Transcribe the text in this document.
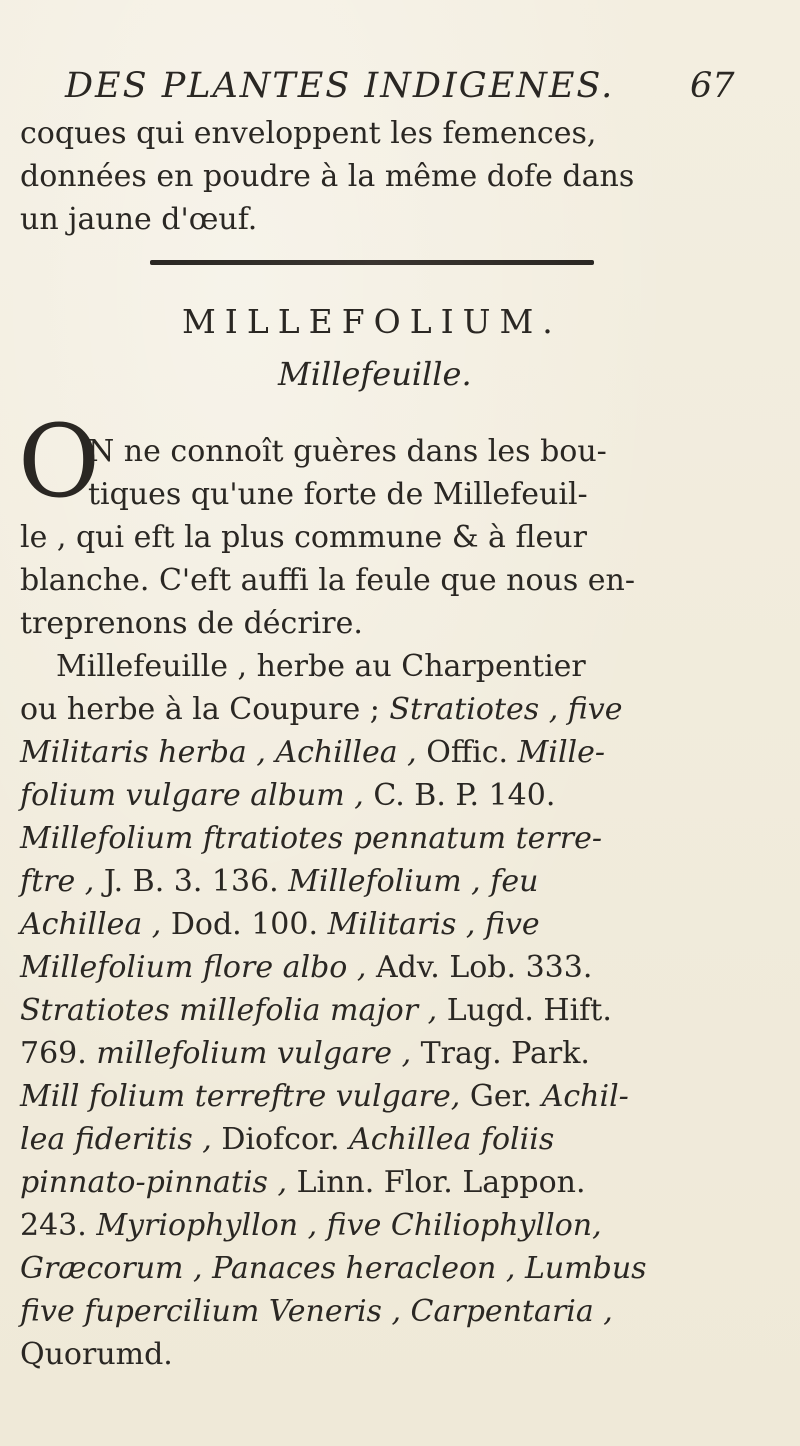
DES PLANTES INDIGENES. 67
coques qui enveloppent les femences,
données en poudre à la même dofe dans
un jaune d'œuf.
MILLEFOLIUM.
Millefeuille.
O
N ne connoît guères dans les bou-
tiques qu'une forte de Millefeuil-
le , qui eft la plus commune & à fleur
blanche. C'eft auffi la feule que nous en-
treprenons de décrire.
Millefeuille , herbe au Charpentier
ou herbe à la Coupure ; Stratiotes , five
Militaris herba , Achillea , Offic. Mille-
folium vulgare album , C. B. P. 140.
Millefolium ftratiotes pennatum terre-
ftre , J. B. 3. 136. Millefolium , feu
Achillea , Dod. 100. Militaris , five
Millefolium flore albo , Adv. Lob. 333.
Stratiotes millefolia major , Lugd. Hift.
769. millefolium vulgare , Trag. Park.
Mill folium terreftre vulgare, Ger. Achil-
lea fideritis , Diofcor. Achillea foliis
pinnato-pinnatis , Linn. Flor. Lappon.
243. Myriophyllon , five Chiliophyllon,
Græcorum , Panaces heracleon , Lumbus
five fupercilium Veneris , Carpentaria ,
Quorumd.
